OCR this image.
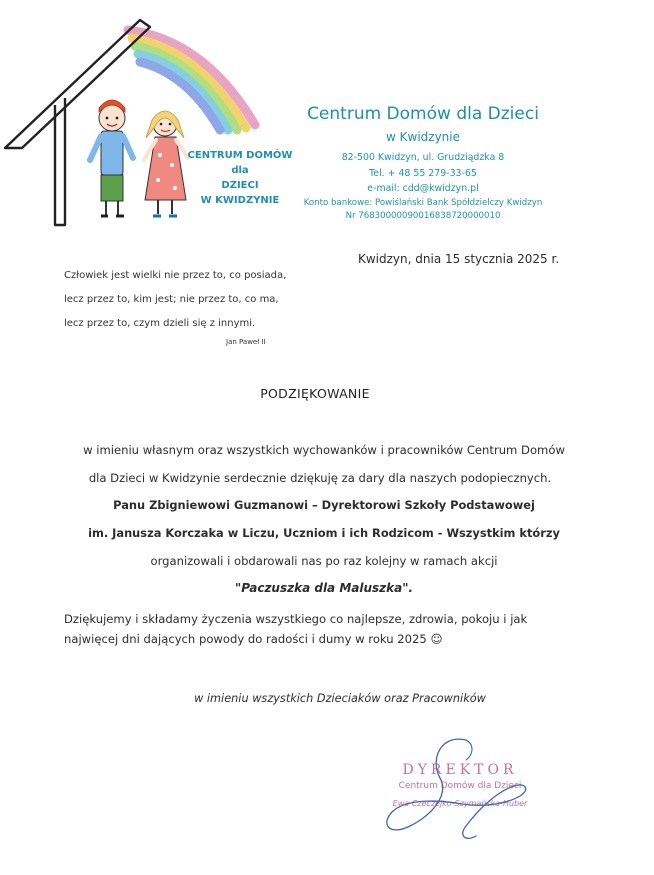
CENTRUM DOMÓW
dla
DZIECI
W KWIDZYNIE
Centrum Domów dla Dzieci
w Kwidzynie
82-500 Kwidzyn, ul. Grudziądzka 8
Tel. + 48 55 279-33-65
e-mail: cdd@kwidzyn.pl
Konto bankowe: Powiślański Bank Spółdzielczy Kwidzyn
Nr 76830000090016838720000010
Kwidzyn, dnia 15 stycznia 2025 r.
Człowiek jest wielki nie przez to, co posiada,
lecz przez to, kim jest; nie przez to, co ma,
lecz przez to, czym dzieli się z innymi.
Jan Paweł II
PODZIĘKOWANIE
w imieniu własnym oraz wszystkich wychowanków i pracowników Centrum Domów
dla Dzieci w Kwidzynie serdecznie dziękuję za dary dla naszych podopiecznych.
Panu Zbigniewowi Guzmanowi – Dyrektorowi Szkoły Podstawowej
im. Janusza Korczaka w Liczu, Uczniom i ich Rodzicom - Wszystkim którzy
organizowali i obdarowali nas po raz kolejny w ramach akcji
"Paczuszka dla Maluszka".
Dziękujemy i składamy życzenia wszystkiego co najlepsze, zdrowia, pokoju i jak
najwięcej dni dających powody do radości i dumy w roku 2025 ☺
w imieniu wszystkich Dzieciaków oraz Pracowników
DYREKTOR
Centrum Domów dla Dzieci
Ewa Czeczejko-Szymańska-Huber
